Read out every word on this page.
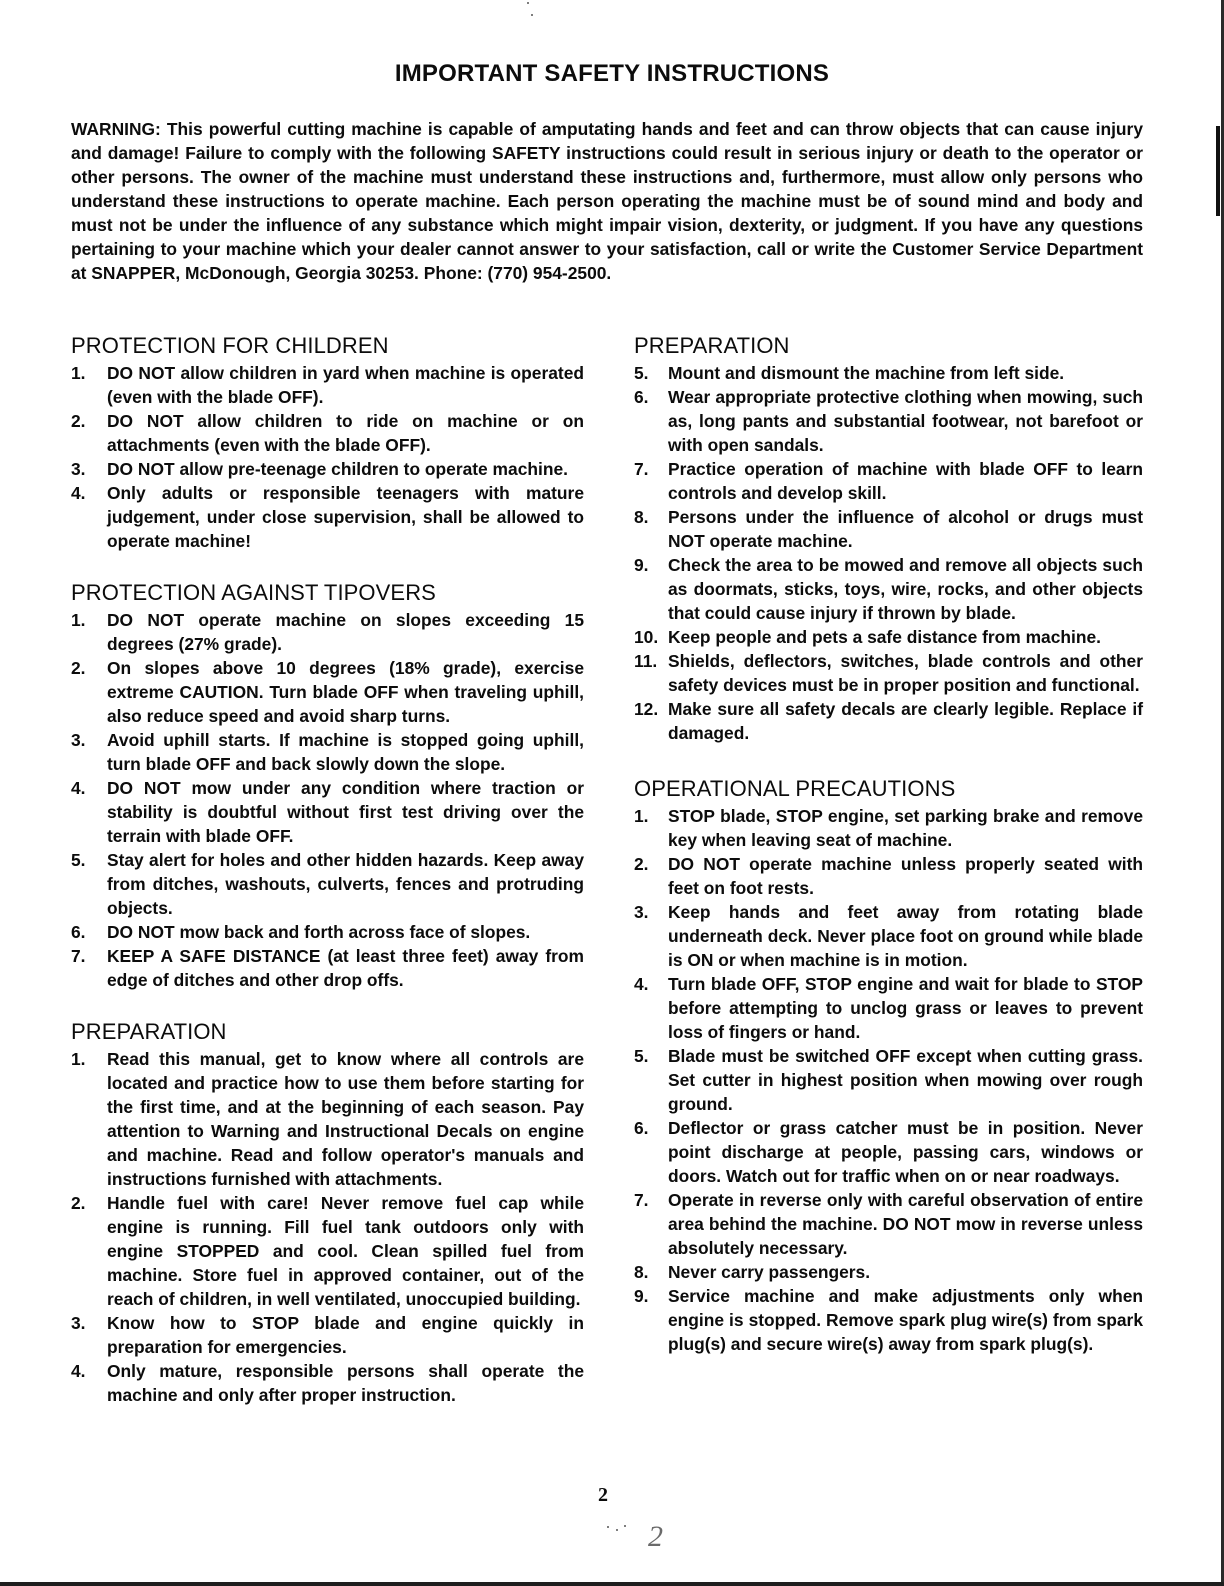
IMPORTANT SAFETY INSTRUCTIONS

WARNING: This powerful cutting machine is capable of amputating hands and feet and can throw objects that can cause injury and damage! Failure to comply with the following SAFETY instructions could result in serious injury or death to the operator or other persons. The owner of the machine must understand these instructions and, furthermore, must allow only persons who understand these instructions to operate machine. Each person operating the machine must be of sound mind and body and must not be under the influence of any substance which might impair vision, dexterity, or judgment. If you have any questions pertaining to your machine which your dealer cannot answer to your satisfaction, call or write the Customer Service Department at SNAPPER, McDonough, Georgia 30253. Phone: (770) 954-2500.

PROTECTION FOR CHILDREN
1.	DO NOT allow children in yard when machine is operated (even with the blade OFF).
2.	DO NOT allow children to ride on machine or on attachments (even with the blade OFF).
3.	DO NOT allow pre-teenage children to operate machine.
4.	Only adults or responsible teenagers with mature judgement, under close supervision, shall be allowed to operate machine!
PROTECTION AGAINST TIPOVERS
1.	DO NOT operate machine on slopes exceeding 15 degrees (27% grade).
2.	On slopes above 10 degrees (18% grade), exercise extreme CAUTION. Turn blade OFF when traveling uphill, also reduce speed and avoid sharp turns.
3.	Avoid uphill starts. If machine is stopped going uphill, turn blade OFF and back slowly down the slope.
4.	DO NOT mow under any condition where traction or stability is doubtful without first test driving over the terrain with blade OFF.
5.	Stay alert for holes and other hidden hazards. Keep away from ditches, washouts, culverts, fences and protruding objects.
6.	DO NOT mow back and forth across face of slopes.
7.	KEEP A SAFE DISTANCE (at least three feet) away from edge of ditches and other drop offs.
PREPARATION
1.	Read this manual, get to know where all controls are located and practice how to use them before starting for the first time, and at the beginning of each season. Pay attention to Warning and Instructional Decals on engine and machine. Read and follow operator's manuals and instructions furnished with attachments.
2.	Handle fuel with care! Never remove fuel cap while engine is running. Fill fuel tank outdoors only with engine STOPPED and cool. Clean spilled fuel from machine. Store fuel in approved container, out of the reach of children, in well ventilated, unoccupied building.
3.	Know how to STOP blade and engine quickly in preparation for emergencies.
4.	Only mature, responsible persons shall operate the machine and only after proper instruction.
PREPARATION
5.	Mount and dismount the machine from left side.
6.	Wear appropriate protective clothing when mowing, such as, long pants and substantial footwear, not barefoot or with open sandals.
7.	Practice operation of machine with blade OFF to learn controls and develop skill.
8.	Persons under the influence of alcohol or drugs must NOT operate machine.
9.	Check the area to be mowed and remove all objects such as doormats, sticks, toys, wire, rocks, and other objects that could cause injury if thrown by blade.
10. Keep people and pets a safe distance from machine.
11. Shields, deflectors, switches, blade controls and other safety devices must be in proper position and functional.
12. Make sure all safety decals are clearly legible. Replace if damaged.
OPERATIONAL PRECAUTIONS
1.	STOP blade, STOP engine, set parking brake and remove key when leaving seat of machine.
2.	DO NOT operate machine unless properly seated with feet on foot rests.
3.	Keep hands and feet away from rotating blade underneath deck. Never place foot on ground while blade is ON or when machine is in motion.
4.	Turn blade OFF, STOP engine and wait for blade to STOP before attempting to unclog grass or leaves to prevent loss of fingers or hand.
5.	Blade must be switched OFF except when cutting grass. Set cutter in highest position when mowing over rough ground.
6.	Deflector or grass catcher must be in position. Never point discharge at people, passing cars, windows or doors. Watch out for traffic when on or near roadways.
7.	Operate in reverse only with careful observation of entire area behind the machine. DO NOT mow in reverse unless absolutely necessary.
8.	Never carry passengers.
9.	Service machine and make adjustments only when engine is stopped. Remove spark plug wire(s) from spark plug(s) and secure wire(s) away from spark plug(s).
2
2
